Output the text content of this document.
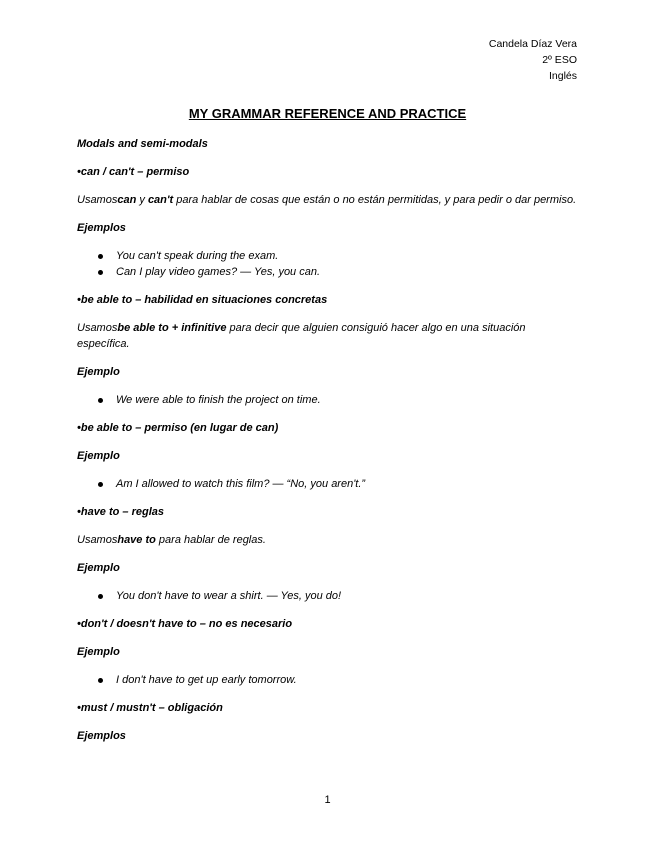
Candela Díaz Vera
2º ESO
Inglés
MY GRAMMAR REFERENCE AND PRACTICE
Modals and semi-modals
•can / can't – permiso
Usamoscan y can't para hablar de cosas que están o no están permitidas, y para pedir o dar permiso.
Ejemplos
You can't speak during the exam.
Can I play video games? — Yes, you can.
•be able to – habilidad en situaciones concretas
Usamosbe able to + infinitive para decir que alguien consiguió hacer algo en una situación específica.
Ejemplo
We were able to finish the project on time.
•be able to – permiso (en lugar de can)
Ejemplo
Am I allowed to watch this film? — “No, you aren't.”
•have to – reglas
Usamoshave to para hablar de reglas.
Ejemplo
You don't have to wear a shirt. — Yes, you do!
•don't / doesn't have to – no es necesario
Ejemplo
I don't have to get up early tomorrow.
•must / mustn't – obligación
Ejemplos
1
